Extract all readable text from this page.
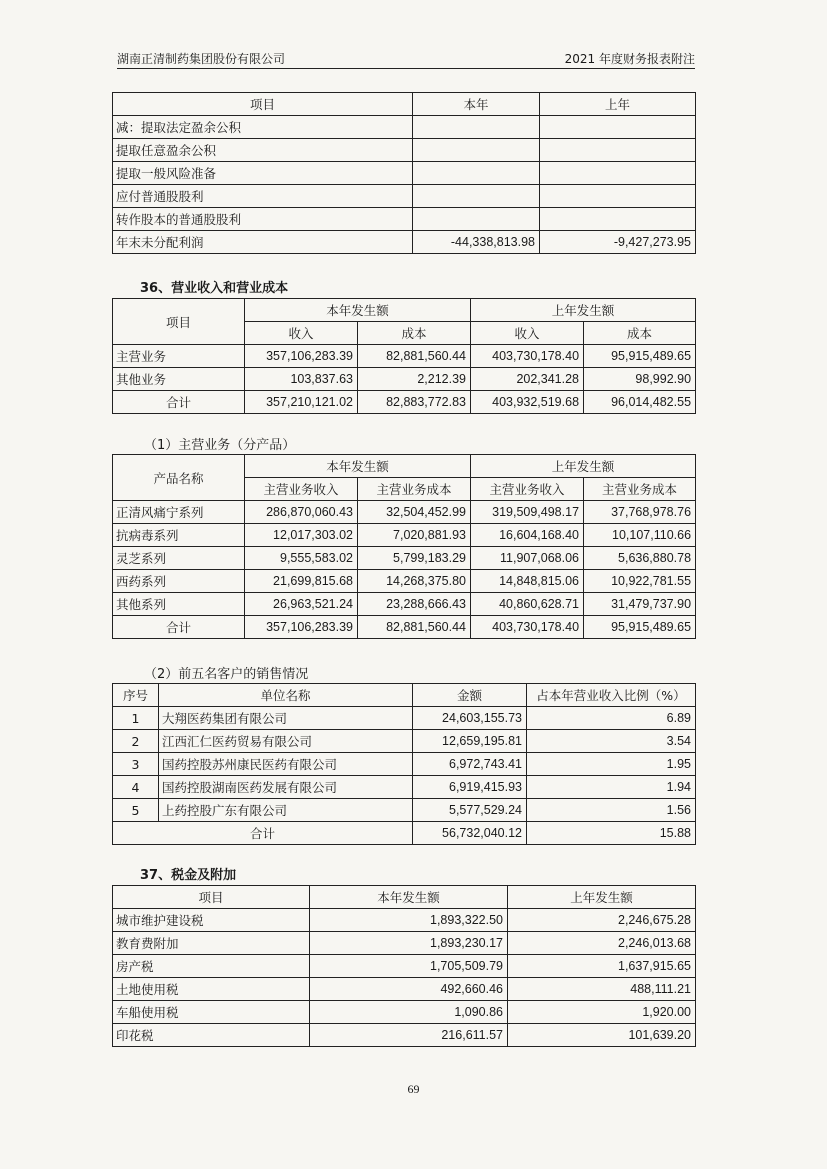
湖南正清制药集团股份有限公司	2021 年度财务报表附注
项目	本年	上年
减：提取法定盈余公积		
提取任意盈余公积		
提取一般风险准备		
应付普通股股利		
转作股本的普通股股利		
年末未分配利润	-44,338,813.98	-9,427,273.95
36、营业收入和营业成本
项目	本年发生额		上年发生额	
	收入	成本	收入	成本
主营业务	357,106,283.39	82,881,560.44	403,730,178.40	95,915,489.65
其他业务	103,837.63	2,212.39	202,341.28	98,992.90
合计	357,210,121.02	82,883,772.83	403,932,519.68	96,014,482.55
（1）主营业务（分产品）
产品名称	本年发生额		上年发生额	
	主营业务收入	主营业务成本	主营业务收入	主营业务成本
正清风痛宁系列	286,870,060.43	32,504,452.99	319,509,498.17	37,768,978.76
抗病毒系列	12,017,303.02	7,020,881.93	16,604,168.40	10,107,110.66
灵芝系列	9,555,583.02	5,799,183.29	11,907,068.06	5,636,880.78
西药系列	21,699,815.68	14,268,375.80	14,848,815.06	10,922,781.55
其他系列	26,963,521.24	23,288,666.43	40,860,628.71	31,479,737.90
合计	357,106,283.39	82,881,560.44	403,730,178.40	95,915,489.65
（2）前五名客户的销售情况
序号	单位名称	金额	占本年营业收入比例（%）
1	大翔医药集团有限公司	24,603,155.73	6.89
2	江西汇仁医药贸易有限公司	12,659,195.81	3.54
3	国药控股苏州康民医药有限公司	6,972,743.41	1.95
4	国药控股湖南医药发展有限公司	6,919,415.93	1.94
5	上药控股广东有限公司	5,577,529.24	1.56
合计		56,732,040.12	15.88
37、税金及附加
项目	本年发生额	上年发生额
城市维护建设税	1,893,322.50	2,246,675.28
教育费附加	1,893,230.17	2,246,013.68
房产税	1,705,509.79	1,637,915.65
土地使用税	492,660.46	488,111.21
车船使用税	1,090.86	1,920.00
印花税	216,611.57	101,639.20
69
